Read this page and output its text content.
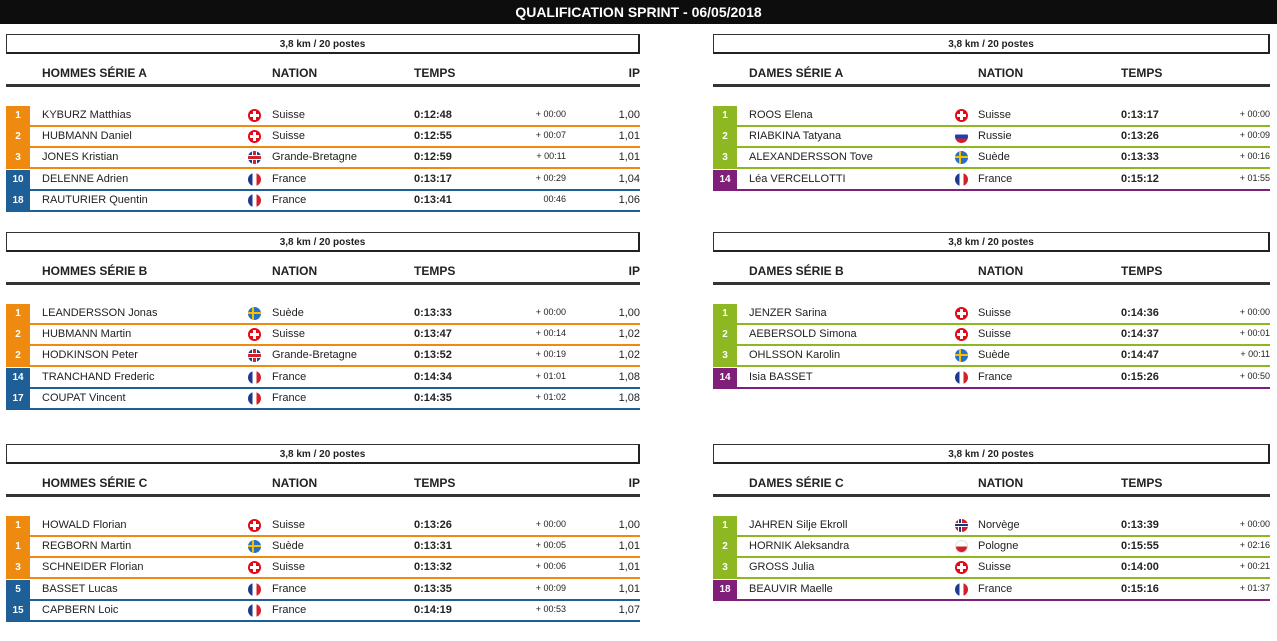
QUALIFICATION SPRINT - 06/05/2018
3,8 km / 20 postes
HOMMES SÉRIE A	NATION	TEMPS	IP
1	KYBURZ Matthias	Suisse	0:12:48	+ 00:00	1,00
2	HUBMANN Daniel	Suisse	0:12:55	+ 00:07	1,01
3	JONES Kristian	Grande-Bretagne	0:12:59	+ 00:11	1,01
10	DELENNE Adrien	France	0:13:17	+ 00:29	1,04
18	RAUTURIER Quentin	France	0:13:41	00:46	1,06
3,8 km / 20 postes
HOMMES SÉRIE B	NATION	TEMPS	IP
1	LEANDERSSON Jonas	Suède	0:13:33	+ 00:00	1,00
2	HUBMANN Martin	Suisse	0:13:47	+ 00:14	1,02
2	HODKINSON Peter	Grande-Bretagne	0:13:52	+ 00:19	1,02
14	TRANCHAND Frederic	France	0:14:34	+ 01:01	1,08
17	COUPAT Vincent	France	0:14:35	+ 01:02	1,08
3,8 km / 20 postes
HOMMES SÉRIE C	NATION	TEMPS	IP
1	HOWALD Florian	Suisse	0:13:26	+ 00:00	1,00
1	REGBORN Martin	Suède	0:13:31	+ 00:05	1,01
3	SCHNEIDER Florian	Suisse	0:13:32	+ 00:06	1,01
5	BASSET Lucas	France	0:13:35	+ 00:09	1,01
15	CAPBERN Loic	France	0:14:19	+ 00:53	1,07
3,8 km / 20 postes
DAMES SÉRIE A	NATION	TEMPS
1	ROOS Elena	Suisse	0:13:17	+ 00:00
2	RIABKINA Tatyana	Russie	0:13:26	+ 00:09
3	ALEXANDERSSON Tove	Suède	0:13:33	+ 00:16
14	Léa VERCELLOTTI	France	0:15:12	+ 01:55
3,8 km / 20 postes
DAMES SÉRIE B	NATION	TEMPS
1	JENZER Sarina	Suisse	0:14:36	+ 00:00
2	AEBERSOLD Simona	Suisse	0:14:37	+ 00:01
3	OHLSSON Karolin	Suède	0:14:47	+ 00:11
14	Isia BASSET	France	0:15:26	+ 00:50
3,8 km / 20 postes
DAMES SÉRIE C	NATION	TEMPS
1	JAHREN Silje Ekroll	Norvège	0:13:39	+ 00:00
2	HORNIK Aleksandra	Pologne	0:15:55	+ 02:16
3	GROSS Julia	Suisse	0:14:00	+ 00:21
18	BEAUVIR Maelle	France	0:15:16	+ 01:37
